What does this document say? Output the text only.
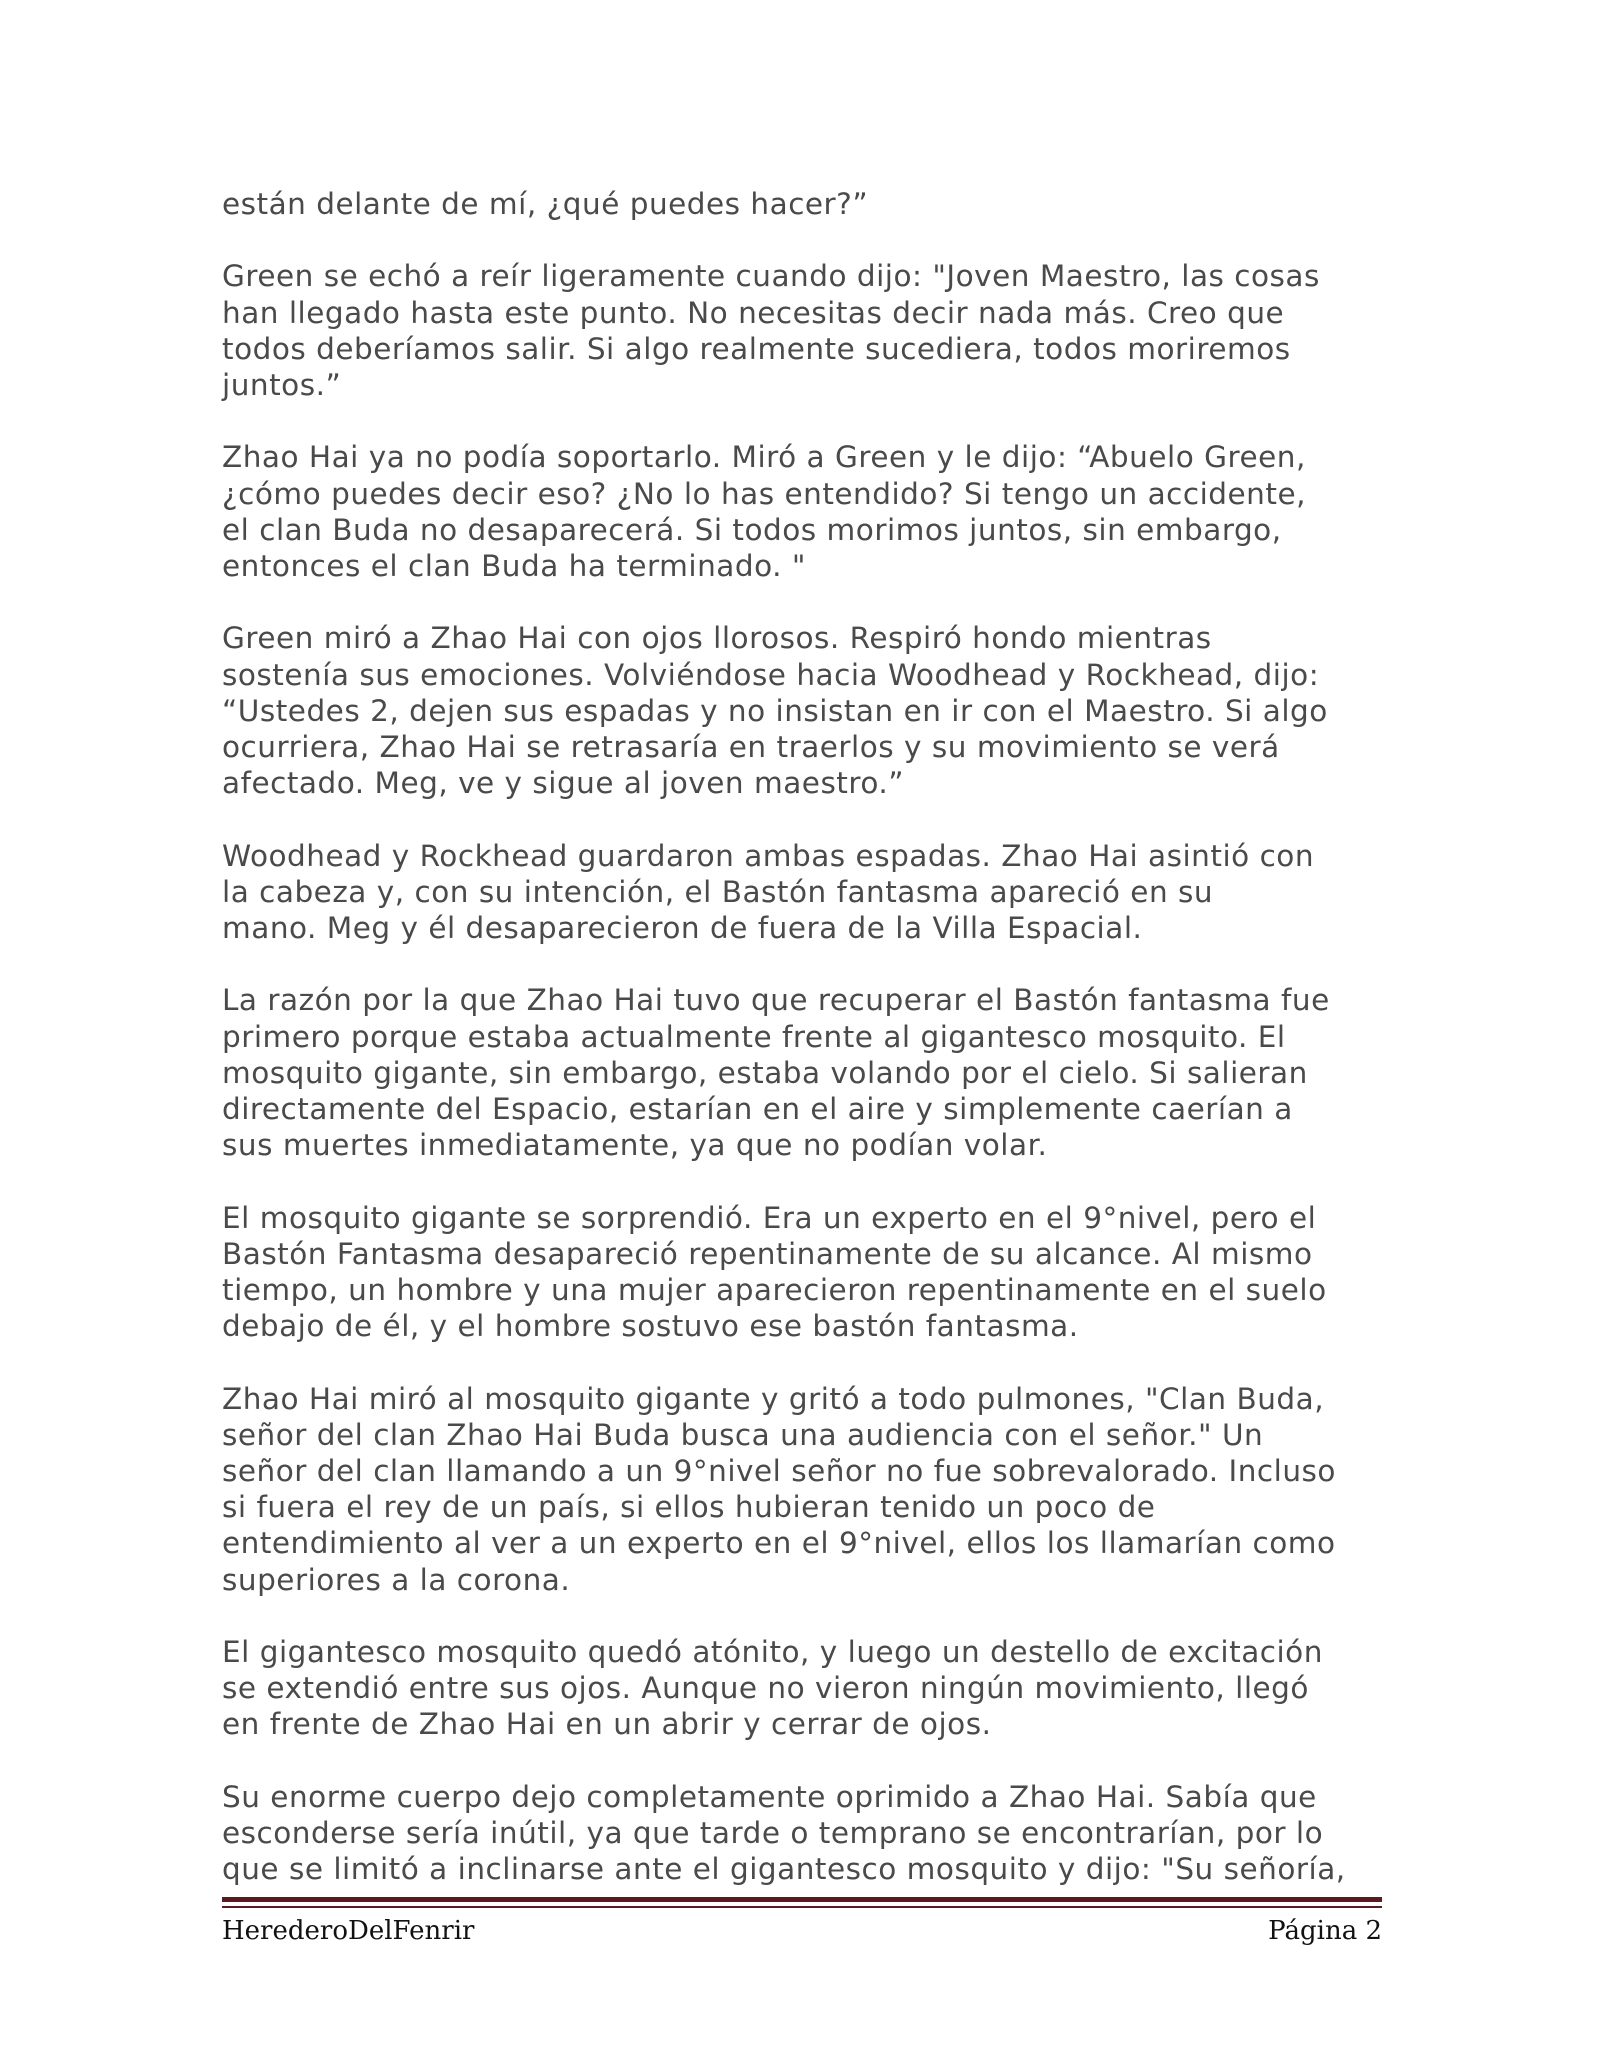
están delante de mí, ¿qué puedes hacer?”

Green se echó a reír ligeramente cuando dijo: "Joven Maestro, las cosas
han llegado hasta este punto. No necesitas decir nada más. Creo que
todos deberíamos salir. Si algo realmente sucediera, todos moriremos
juntos.”

Zhao Hai ya no podía soportarlo. Miró a Green y le dijo: “Abuelo Green,
¿cómo puedes decir eso? ¿No lo has entendido? Si tengo un accidente,
el clan Buda no desaparecerá. Si todos morimos juntos, sin embargo,
entonces el clan Buda ha terminado. "

Green miró a Zhao Hai con ojos llorosos. Respiró hondo mientras
sostenía sus emociones. Volviéndose hacia Woodhead y Rockhead, dijo:
“Ustedes 2, dejen sus espadas y no insistan en ir con el Maestro. Si algo
ocurriera, Zhao Hai se retrasaría en traerlos y su movimiento se verá
afectado. Meg, ve y sigue al joven maestro.”

Woodhead y Rockhead guardaron ambas espadas. Zhao Hai asintió con
la cabeza y, con su intención, el Bastón fantasma apareció en su
mano. Meg y él desaparecieron de fuera de la Villa Espacial.

La razón por la que Zhao Hai tuvo que recuperar el Bastón fantasma fue
primero porque estaba actualmente frente al gigantesco mosquito. El
mosquito gigante, sin embargo, estaba volando por el cielo. Si salieran
directamente del Espacio, estarían en el aire y simplemente caerían a
sus muertes inmediatamente, ya que no podían volar.

El mosquito gigante se sorprendió. Era un experto en el 9°nivel, pero el
Bastón Fantasma desapareció repentinamente de su alcance. Al mismo
tiempo, un hombre y una mujer aparecieron repentinamente en el suelo
debajo de él, y el hombre sostuvo ese bastón fantasma.

Zhao Hai miró al mosquito gigante y gritó a todo pulmones, "Clan Buda,
señor del clan Zhao Hai Buda busca una audiencia con el señor." Un
señor del clan llamando a un 9°nivel señor no fue sobrevalorado. Incluso
si fuera el rey de un país, si ellos hubieran tenido un poco de
entendimiento al ver a un experto en el 9°nivel, ellos los llamarían como
superiores a la corona.

El gigantesco mosquito quedó atónito, y luego un destello de excitación
se extendió entre sus ojos. Aunque no vieron ningún movimiento, llegó
en frente de Zhao Hai en un abrir y cerrar de ojos.

Su enorme cuerpo dejo completamente oprimido a Zhao Hai. Sabía que
esconderse sería inútil, ya que tarde o temprano se encontrarían, por lo
que se limitó a inclinarse ante el gigantesco mosquito y dijo: "Su señoría,

HerederoDelFenrir	Página 2
